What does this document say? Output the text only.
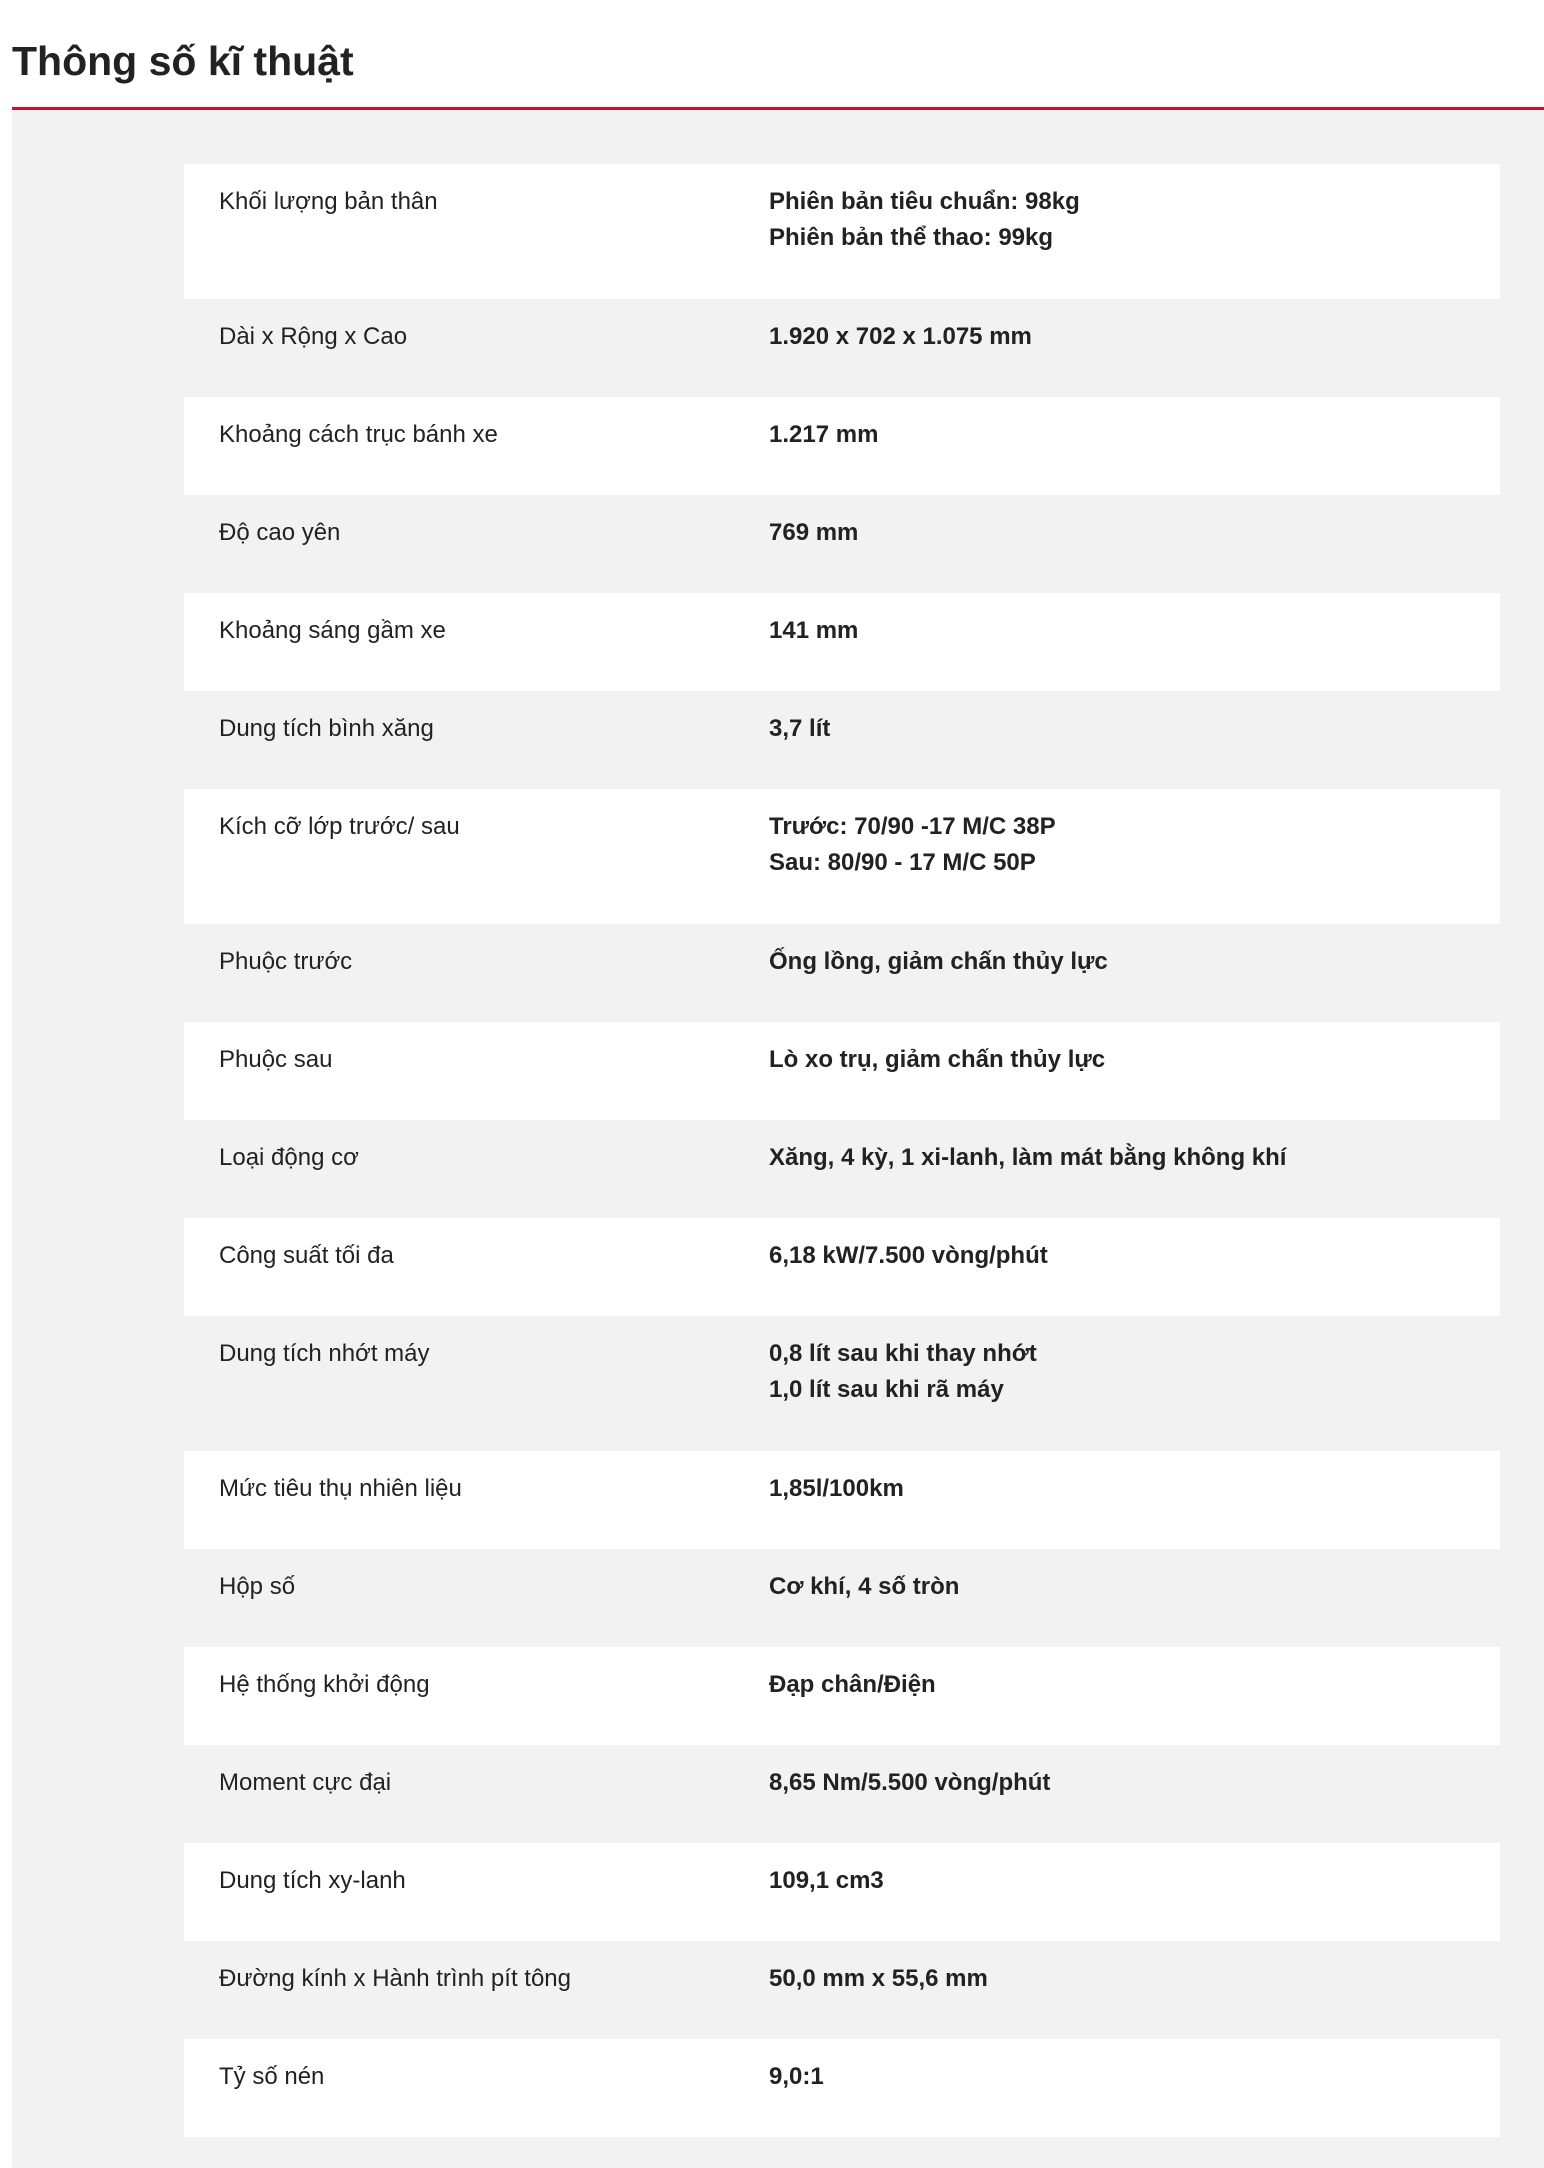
Thông số kĩ thuật
Khối lượng bản thân	Phiên bản tiêu chuẩn: 98kg
Phiên bản thể thao: 99kg
Dài x Rộng x Cao	1.920 x 702 x 1.075 mm
Khoảng cách trục bánh xe	1.217 mm
Độ cao yên	769 mm
Khoảng sáng gầm xe	141 mm
Dung tích bình xăng	3,7 lít
Kích cỡ lớp trước/ sau	Trước: 70/90 -17 M/C 38P
Sau: 80/90 - 17 M/C 50P
Phuộc trước	Ống lồng, giảm chấn thủy lực
Phuộc sau	Lò xo trụ, giảm chấn thủy lực
Loại động cơ	Xăng, 4 kỳ, 1 xi-lanh, làm mát bằng không khí
Công suất tối đa	6,18 kW/7.500 vòng/phút
Dung tích nhớt máy	0,8 lít sau khi thay nhớt
1,0 lít sau khi rã máy
Mức tiêu thụ nhiên liệu	1,85l/100km
Hộp số	Cơ khí, 4 số tròn
Hệ thống khởi động	Đạp chân/Điện
Moment cực đại	8,65 Nm/5.500 vòng/phút
Dung tích xy-lanh	109,1 cm3
Đường kính x Hành trình pít tông	50,0 mm x 55,6 mm
Tỷ số nén	9,0:1
